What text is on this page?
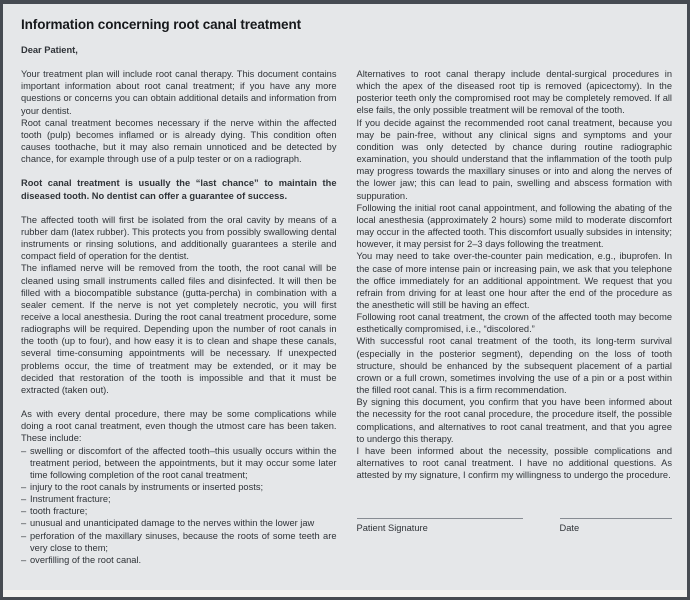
Information concerning root canal treatment

Dear Patient,

Your treatment plan will include root canal therapy. This document contains important information about root canal treatment; if you have any more questions or concerns you can obtain additional details and information from your dentist.

Root canal treatment becomes necessary if the nerve within the affected tooth (pulp) becomes inflamed or is already dying. This condition often causes toothache, but it may also remain unnoticed and be detected by chance, for example through use of a pulp tester or on a radiograph.

Root canal treatment is usually the “last chance” to maintain the diseased tooth. No dentist can offer a guarantee of success.

The affected tooth will first be isolated from the oral cavity by means of a rubber dam (latex rubber). This protects you from possibly swallowing dental instruments or rinsing solutions, and additionally guarantees a sterile and compact field of operation for the dentist.

The inflamed nerve will be removed from the tooth, the root canal will be cleaned using small instruments called files and disinfected. It will then be filled with a biocompatible substance (gutta-percha) in combination with a sealer cement. If the nerve is not yet completely necrotic, you will first receive a local anesthesia. During the root canal treatment procedure, some radiographs will be required. Depending upon the number of root canals in the tooth (up to four), and how easy it is to clean and shape these canals, several time-consuming appointments will be necessary. If unexpected problems occur, the time of treatment may be extended, or it may be decided that restoration of the tooth is impossible and that it must be extracted (taken out).

As with every dental procedure, there may be some complications while doing a root canal treatment, even though the utmost care has been taken. These include:

– swelling or discomfort of the affected tooth–this usually occurs within the treatment period, between the appointments, but it may occur some later time following completion of the root canal treatment;
– injury to the root canals by instruments or inserted posts;
– Instrument fracture;
– tooth fracture;
– unusual and unanticipated damage to the nerves within the lower jaw
– perforation of the maxillary sinuses, because the roots of some teeth are very close to them;
– overfilling of the root canal.

Alternatives to root canal therapy include dental-surgical procedures in which the apex of the diseased root tip is removed (apicectomy). In the posterior teeth only the compromised root may be completely removed. If all else fails, the only possible treatment will be removal of the tooth.

If you decide against the recommended root canal treatment, because you may be pain-free, without any clinical signs and symptoms and your condition was only detected by chance during routine radiographic examination, you should understand that the inflammation of the tooth pulp may progress towards the maxillary sinuses or into and along the nerves of the lower jaw; this can lead to pain, swelling and abscess formation with suppuration.

Following the initial root canal appointment, and following the abating of the local anesthesia (approximately 2 hours) some mild to moderate discomfort may occur in the affected tooth. This discomfort usually subsides in intensity; however, it may persist for 2–3 days following the treatment.

You may need to take over-the-counter pain medication, e.g., ibuprofen. In the case of more intense pain or increasing pain, we ask that you telephone the office immediately for an additional appointment. We request that you refrain from driving for at least one hour after the end of the procedure as the anesthetic will still be having an effect.

Following root canal treatment, the crown of the affected tooth may become esthetically compromised, i.e., “discolored.”

With successful root canal treatment of the tooth, its long-term survival (especially in the posterior segment), depending on the loss of tooth structure, should be enhanced by the subsequent placement of a partial crown or a full crown, sometimes involving the use of a pin or a post within the filled root canal. This is a firm recommendation.

By signing this document, you confirm that you have been informed about the necessity for the root canal procedure, the procedure itself, the possible complications, and alternatives to root canal treatment, and that you agree to undergo this therapy.

I have been informed about the necessity, possible complications and alternatives to root canal treatment. I have no additional questions. As attested by my signature, I confirm my willingness to undergo the procedure.

Patient Signature	Date
